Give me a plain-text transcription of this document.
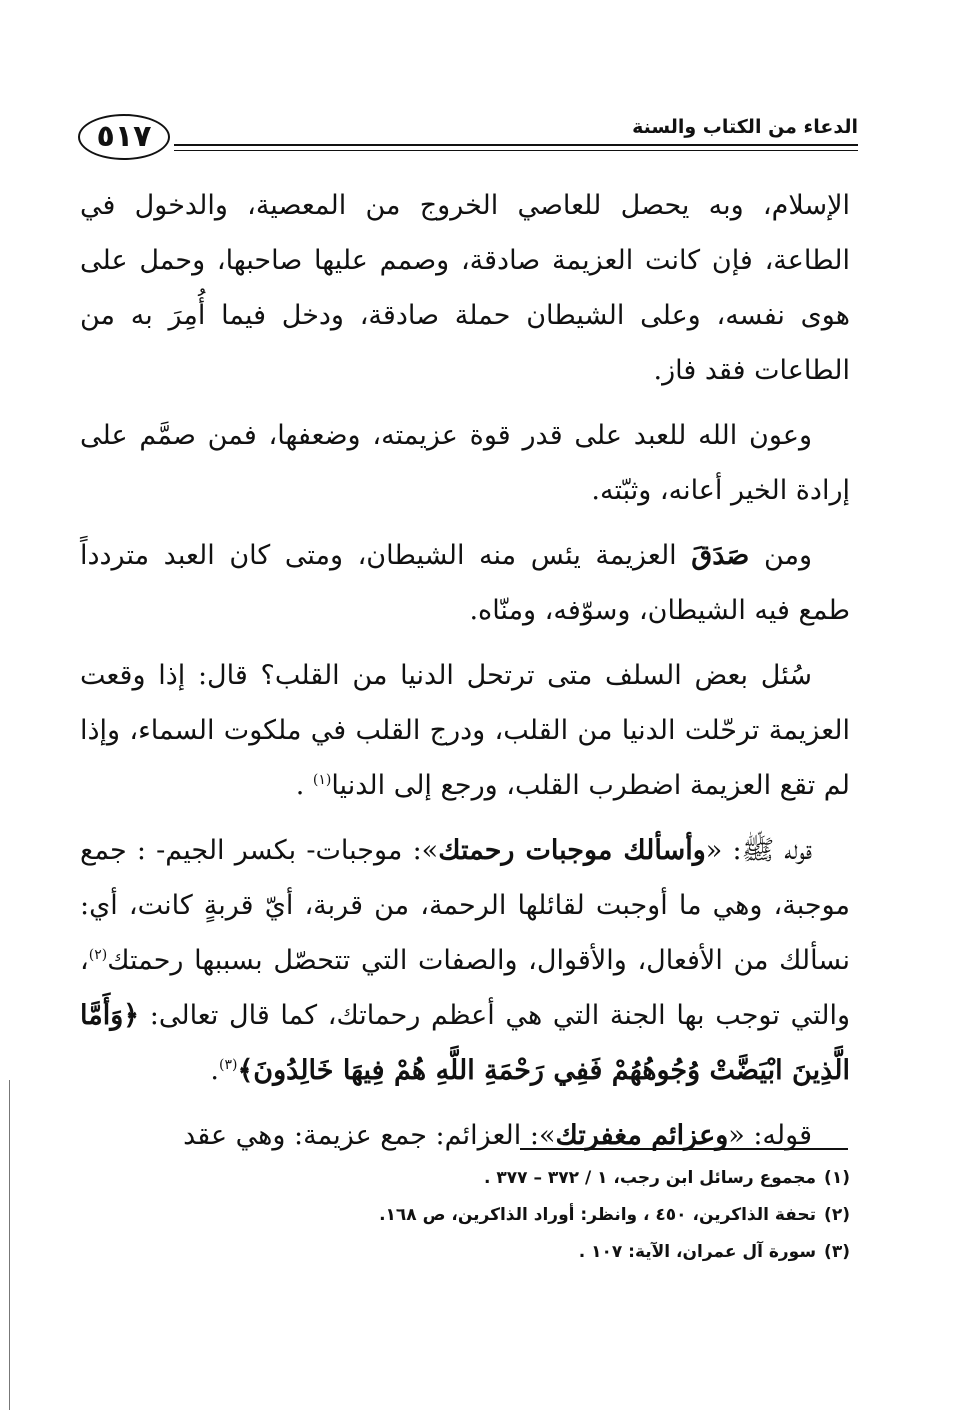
٥١٧	الدعاء من الكتاب والسنة

الإسلام، وبه يحصل للعاصي الخروج من المعصية، والدخول في الطاعة، فإن كانت العزيمة صادقة، وصمم عليها صاحبها، وحمل على هوى نفسه، وعلى الشيطان حملة صادقة، ودخل فيما أُمِرَ به من الطاعات فقد فاز.

وعون الله للعبد على قدر قوة عزيمته، وضعفها، فمن صمَّم على إرادة الخير أعانه، وثبّته.

ومن صَدَقَ العزيمة يئس منه الشيطان، ومتى كان العبد متردداً طمع فيه الشيطان، وسوّفه، ومنّاه.

سُئل بعض السلف متى ترتحل الدنيا من القلب؟ قال: إذا وقعت العزيمة ترحّلت الدنيا من القلب، ودرج القلب في ملكوت السماء، وإذا لم تقع العزيمة اضطرب القلب، ورجع إلى الدنيا$^{(١)}$ .

قوله ﷺ: «وأسألك موجبات رحمتك»: موجبات- بكسر الجيم- : جمع موجبة، وهي ما أوجبت لقائلها الرحمة، من قربة، أيّ قربةٍ كانت، أي: نسألك من الأفعال، والأقوال، والصفات التي تتحصّل بسببها رحمتك$^{(٢)}$، والتي توجب بها الجنة التي هي أعظم رحماتك، كما قال تعالى: ﴿وَأَمَّا الَّذِينَ ابْيَضَّتْ وُجُوهُهُمْ فَفِي رَحْمَةِ اللَّهِ هُمْ فِيهَا خَالِدُونَ﴾$^{(٣)}$.

قوله: «وعزائم مغفرتك»: العزائم: جمع عزيمة: وهي عقد

(١)مجموع رسائل ابن رجب، ١ / ٣٧٢ – ٣٧٧ .
(٢)تحفة الذاكرين، ٤٥٠ ، وانظر: أوراد الذاكرين، ص ١٦٨.
(٣)سورة آل عمران، الآية: ١٠٧ .
